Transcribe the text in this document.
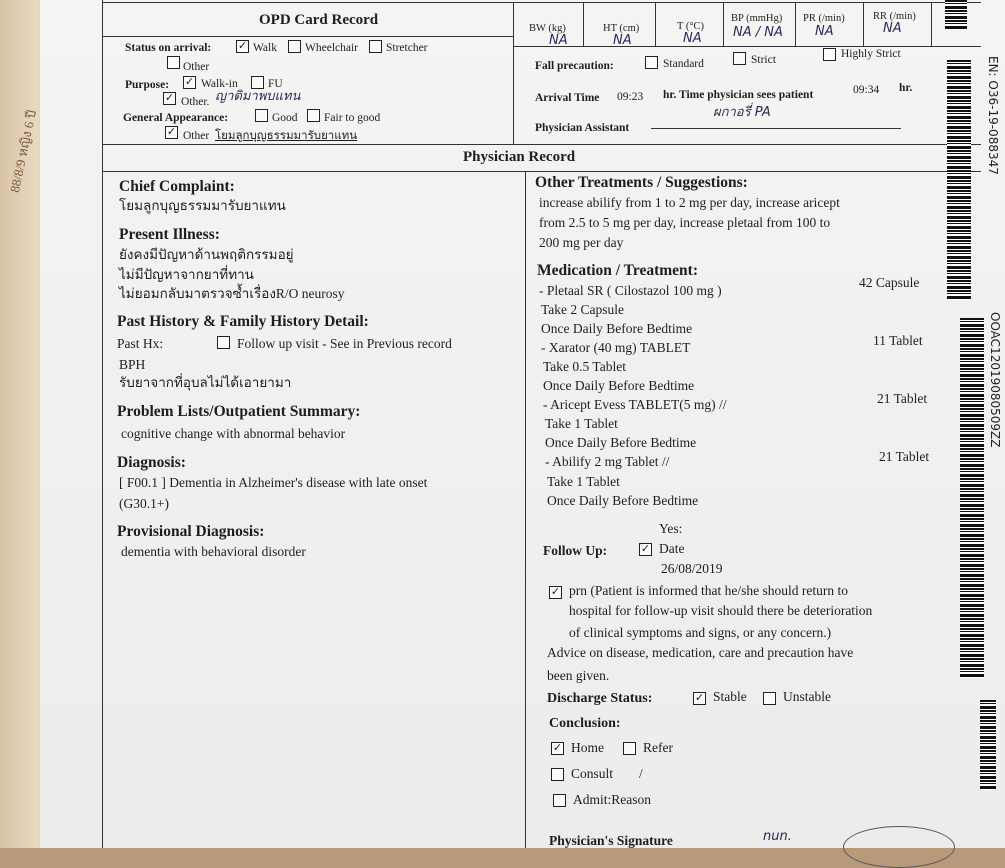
88/8/9 หญิง 6 ปี
OPD Card Record
Status on arrival: ✓ Walk Wheelchair Stretcher
Other
Purpose: ✓ Walk-in	FU
✓ Other. ญาติมาพบแทน
General Appearance:	Good Fair to good
✓ Other โยมลูกบุญธรรมมารับยาแทน
BW (kg)
NA
HT (cm)
NA
T (°C)
NA
BP (mmHg)
NA / NA
PR (/min)
NA
RR (/min)
NA
Fall precaution:	Standard	Strict	Highly Strict
Arrival Time 09:23 hr. Time physician sees patient	09:34 hr.
Physician Assistant
ผกาอรี่ PA
Physician Record
Chief Complaint:
โยมลูกบุญธรรมมารับยาแทน
Present Illness:
ยังคงมีปัญหาด้านพฤติกรรมอยู่
ไม่มีปัญหาจากยาที่ทาน
ไม่ยอมกลับมาตรวจซ้ำเรื่องR/O neurosy
Past History & Family History Detail:
Past Hx:	Follow up visit - See in Previous record
BPH
รับยาจากที่อุบลไม่ได้เอายามา
Problem Lists/Outpatient Summary:
cognitive change with abnormal behavior
Diagnosis:
[ F00.1 ] Dementia in Alzheimer's disease with late onset
(G30.1+)
Provisional Diagnosis:
dementia with behavioral disorder
Other Treatments / Suggestions:
increase abilify from 1 to 2 mg per day, increase aricept
from 2.5 to 5 mg per day, increase pletaal from 100 to
200 mg per day
Medication / Treatment:
- Pletaal SR ( Cilostazol 100 mg )
42 Capsule
Take 2 Capsule
Once Daily Before Bedtime
- Xarator (40 mg) TABLET	11 Tablet
Take 0.5 Tablet
Once Daily Before Bedtime
- Aricept Evess TABLET(5 mg) //	21 Tablet
Take 1 Tablet
Once Daily Before Bedtime
- Abilify 2 mg Tablet //	21 Tablet
Take 1 Tablet
Once Daily Before Bedtime
Yes:
Follow Up:	✓ Date
26/08/2019
✓ prn (Patient is informed that he/she should return to
hospital for follow-up visit should there be deterioration
of clinical symptoms and signs, or any concern.)
Advice on disease, medication, care and precaution have
been given.
Discharge Status:	✓ Stable	Unstable
Conclusion:
✓ Home	Refer
Consult /
Admit:Reason
Physician's Signature	nun.
EN: O36-19-088347
OOAC12019080509ZZ
